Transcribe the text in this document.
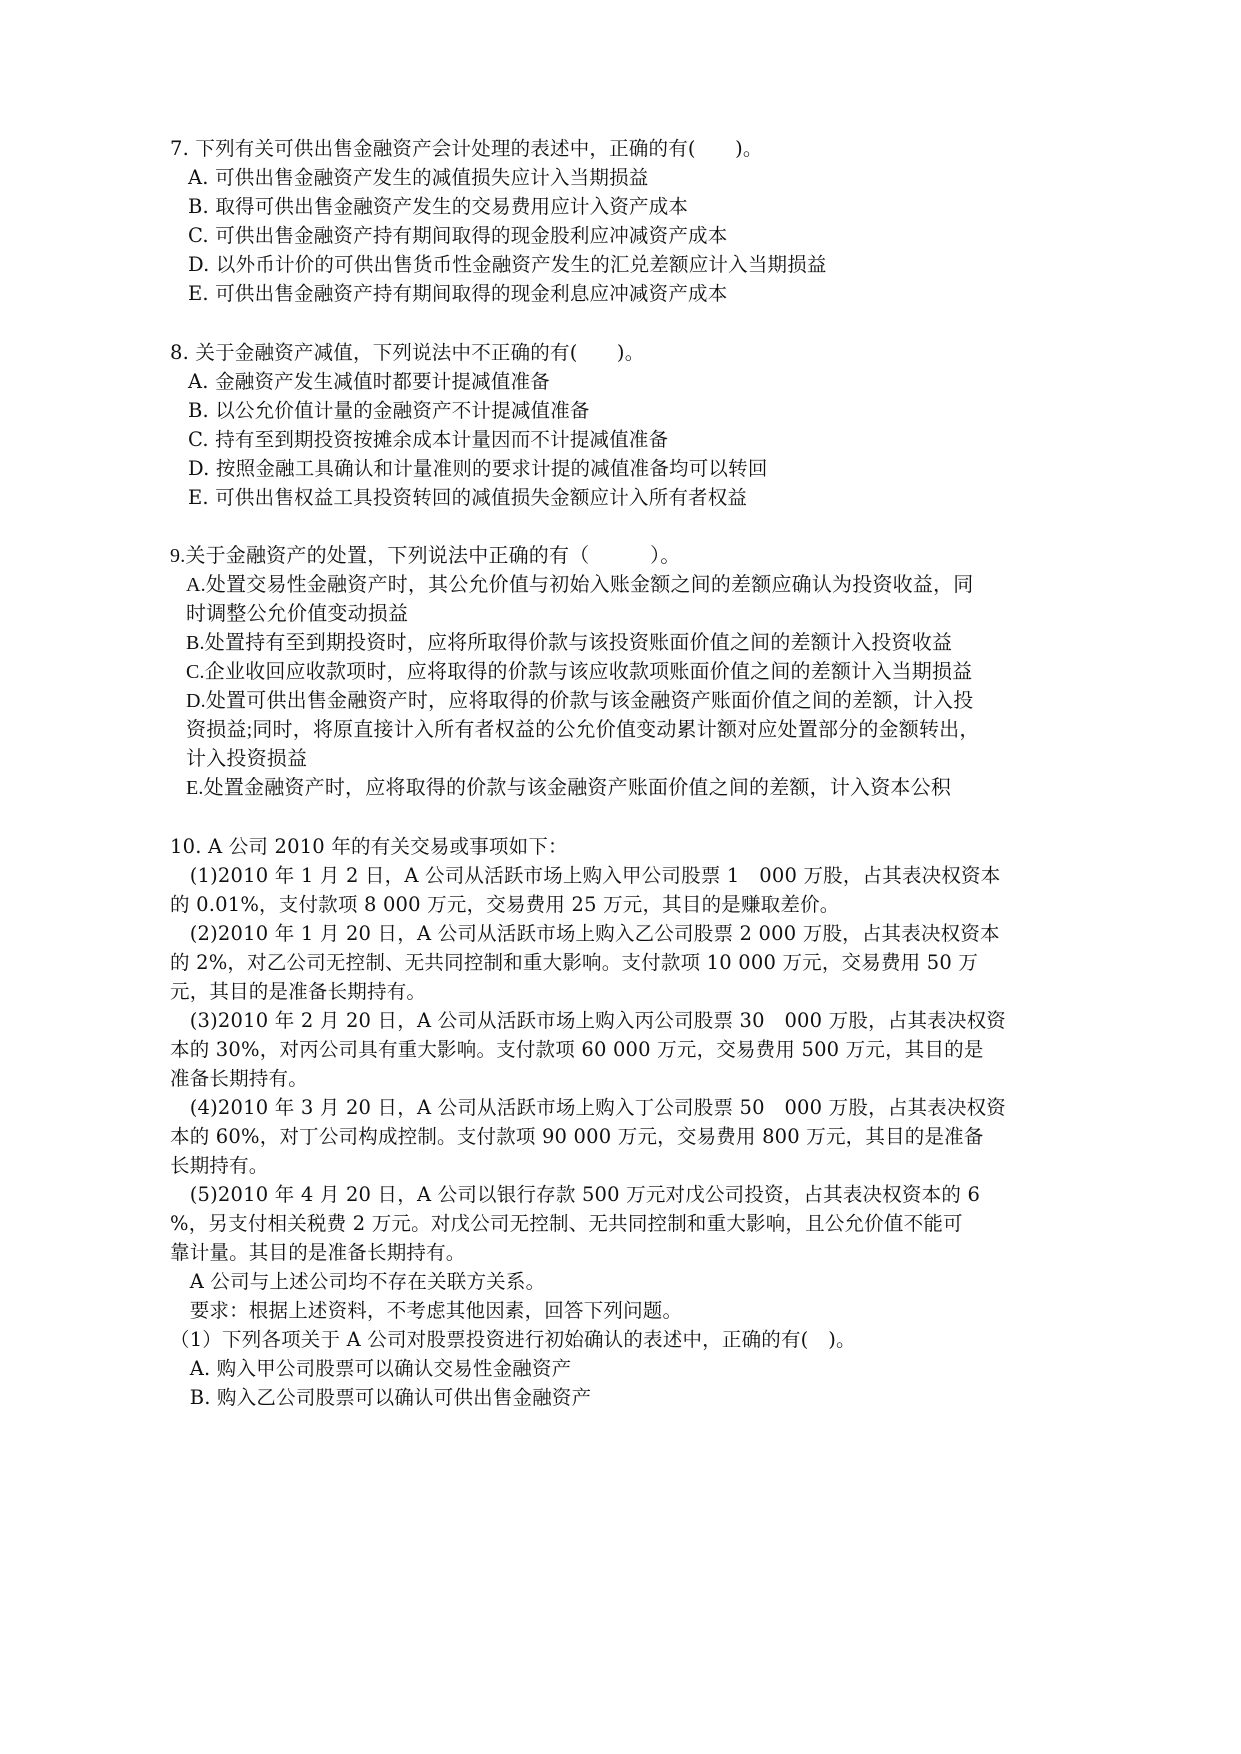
7. 下列有关可供出售金融资产会计处理的表述中，正确的有(　　)。
A. 可供出售金融资产发生的减值损失应计入当期损益
B. 取得可供出售金融资产发生的交易费用应计入资产成本
C. 可供出售金融资产持有期间取得的现金股利应冲减资产成本
D. 以外币计价的可供出售货币性金融资产发生的汇兑差额应计入当期损益
E. 可供出售金融资产持有期间取得的现金利息应冲减资产成本
8. 关于金融资产减值，下列说法中不正确的有(　　)。
A. 金融资产发生减值时都要计提减值准备
B. 以公允价值计量的金融资产不计提减值准备
C. 持有至到期投资按摊余成本计量因而不计提减值准备
D. 按照金融工具确认和计量准则的要求计提的减值准备均可以转回
E. 可供出售权益工具投资转回的减值损失金额应计入所有者权益
9.关于金融资产的处置，下列说法中正确的有（　　　）。
A.处置交易性金融资产时，其公允价值与初始入账金额之间的差额应确认为投资收益，同
时调整公允价值变动损益
B.处置持有至到期投资时，应将所取得价款与该投资账面价值之间的差额计入投资收益
C.企业收回应收款项时，应将取得的价款与该应收款项账面价值之间的差额计入当期损益
D.处置可供出售金融资产时，应将取得的价款与该金融资产账面价值之间的差额，计入投
资损益;同时，将原直接计入所有者权益的公允价值变动累计额对应处置部分的金额转出，
计入投资损益
E.处置金融资产时，应将取得的价款与该金融资产账面价值之间的差额，计入资本公积
10. A 公司 2010 年的有关交易或事项如下：
　(1)2010 年 1 月 2 日，A 公司从活跃市场上购入甲公司股票 1　000 万股，占其表决权资本
的 0.01%，支付款项 8 000 万元，交易费用 25 万元，其目的是赚取差价。
　(2)2010 年 1 月 20 日，A 公司从活跃市场上购入乙公司股票 2 000 万股，占其表决权资本
的 2%，对乙公司无控制、无共同控制和重大影响。支付款项 10 000 万元，交易费用 50 万
元，其目的是准备长期持有。
　(3)2010 年 2 月 20 日，A 公司从活跃市场上购入丙公司股票 30　000 万股，占其表决权资
本的 30%，对丙公司具有重大影响。支付款项 60 000 万元，交易费用 500 万元，其目的是
准备长期持有。
　(4)2010 年 3 月 20 日，A 公司从活跃市场上购入丁公司股票 50　000 万股，占其表决权资
本的 60%，对丁公司构成控制。支付款项 90 000 万元，交易费用 800 万元，其目的是准备
长期持有。
　(5)2010 年 4 月 20 日，A 公司以银行存款 500 万元对戊公司投资，占其表决权资本的 6
%，另支付相关税费 2 万元。对戊公司无控制、无共同控制和重大影响，且公允价值不能可
靠计量。其目的是准备长期持有。
　A 公司与上述公司均不存在关联方关系。
　要求：根据上述资料，不考虑其他因素，回答下列问题。
（1）下列各项关于 A 公司对股票投资进行初始确认的表述中，正确的有(　)。
　A. 购入甲公司股票可以确认交易性金融资产
　B. 购入乙公司股票可以确认可供出售金融资产
